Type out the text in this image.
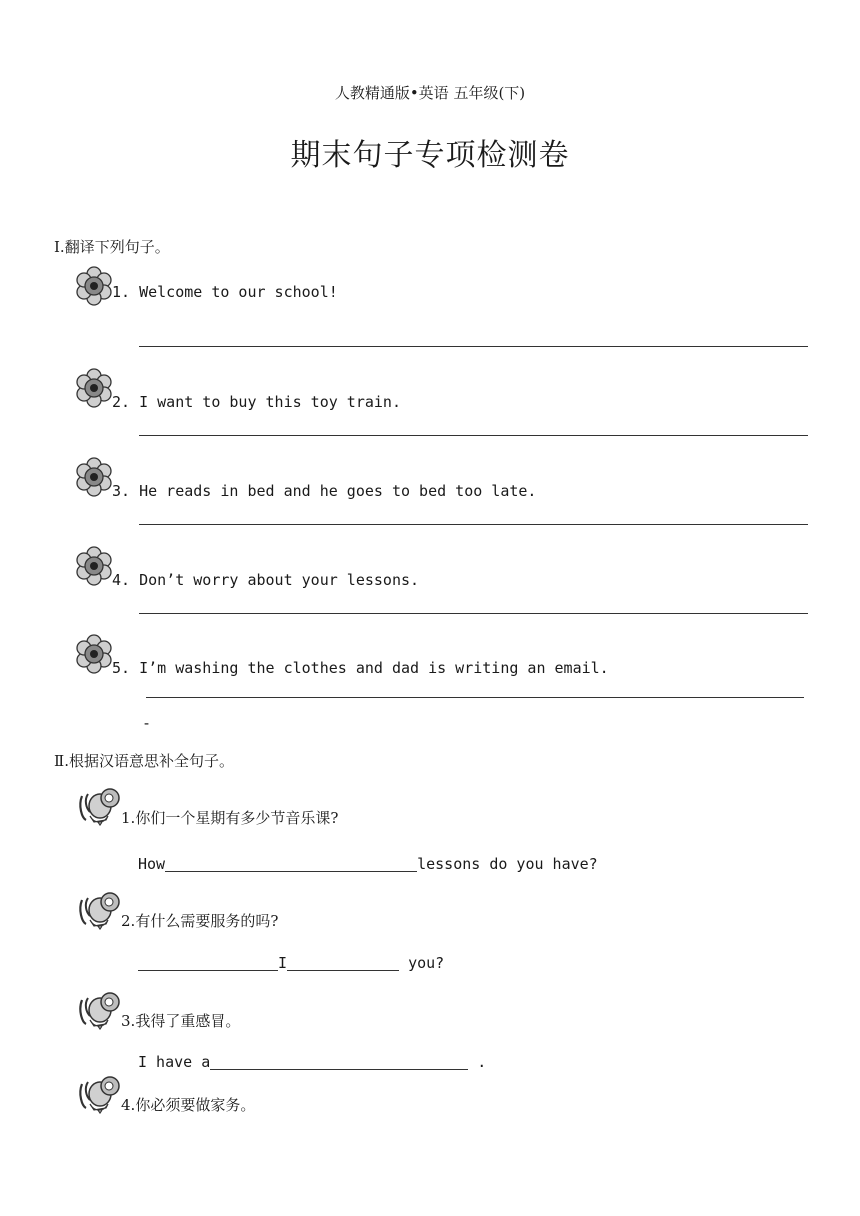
人教精通版•英语 五年级(下)
期末句子专项检测卷
Ⅰ.翻译下列句子。
1. Welcome to our school!
2. I want to buy this toy train.
3. He reads in bed and he goes to bed too late.
4. Don’t worry about your lessons.
5. I’m washing the clothes and dad is writing an email.
-
Ⅱ.根据汉语意思补全句子。
1.你们一个星期有多少节音乐课?
How	lessons do you have?
2.有什么需要服务的吗?
I	you?
3.我得了重感冒。
I have a	.
4.你必须要做家务。
